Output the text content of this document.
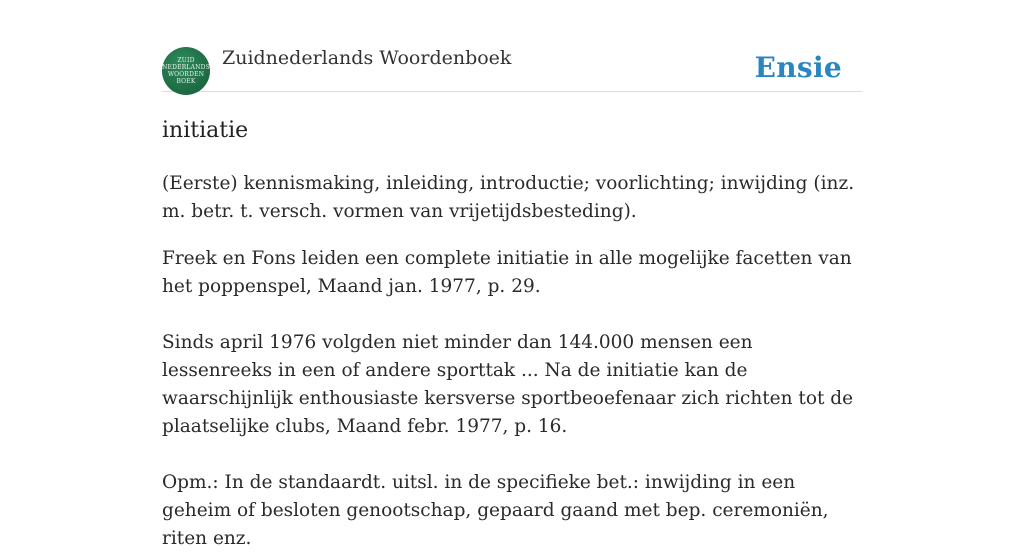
ZUID
NEDERLANDS
WOORDEN
BOEK
Zuidnederlands Woordenboek	Ensie
initiatie

(Eerste) kennismaking, inleiding, introductie; voorlichting; inwijding (inz. m. betr. t. versch. vormen van vrijetijdsbesteding).

Freek en Fons leiden een complete initiatie in alle mogelijke facetten van het poppenspel, Maand jan. 1977, p. 29.

Sinds april 1976 volgden niet minder dan 144.000 mensen een lessenreeks in een of andere sporttak ... Na de initiatie kan de waarschijnlijk enthousiaste kersverse sportbeoefenaar zich richten tot de plaatselijke clubs, Maand febr. 1977, p. 16.

Opm.: In de standaardt. uitsl. in de specifieke bet.: inwijding in een geheim of besloten genootschap, gepaard gaand met bep. ceremoniën, riten enz.
